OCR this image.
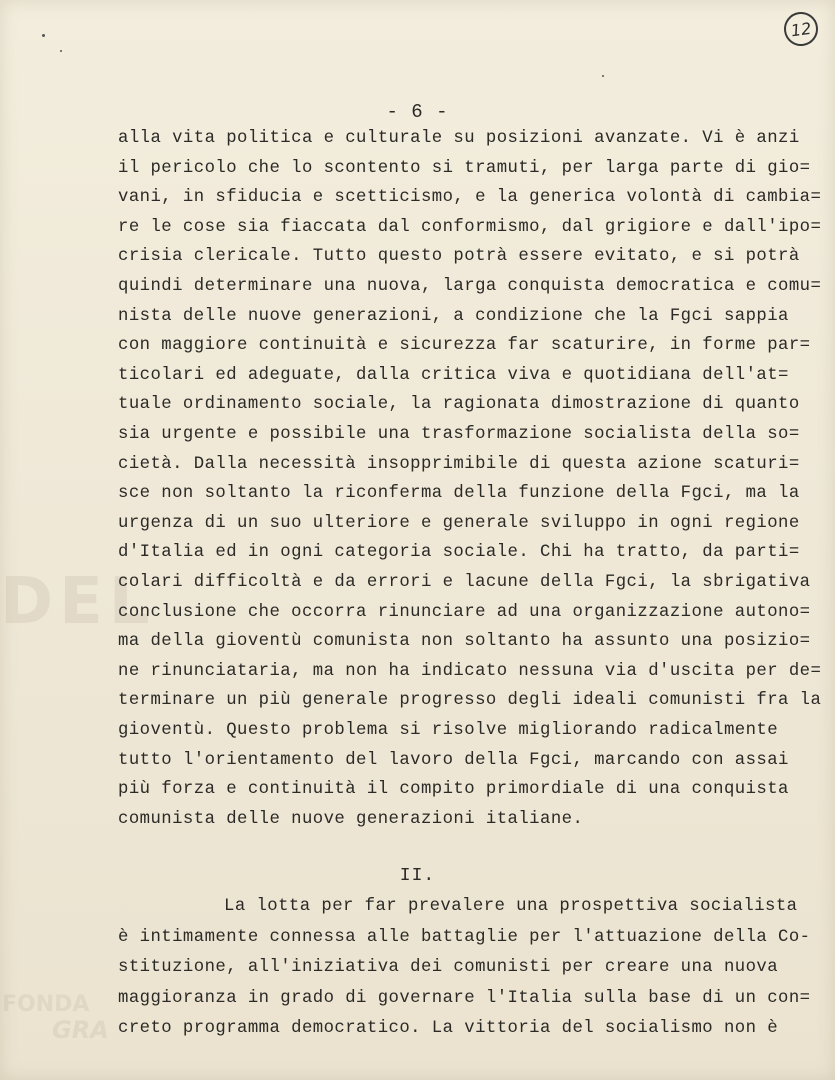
DEL
FONDA
GRA
12
- 6 -
alla vita politica e culturale su posizioni avanzate. Vi è anzi
il pericolo che lo scontento si tramuti, per larga parte di gio=
vani, in sfiducia e scetticismo, e la generica volontà di cambia=
re le cose sia fiaccata dal conformismo, dal grigiore e dall'ipo=
crisia clericale. Tutto questo potrà essere evitato, e si potrà
quindi determinare una nuova, larga conquista democratica e comu=
nista delle nuove generazioni, a condizione che la Fgci sappia
con maggiore continuità e sicurezza far scaturire, in forme par=
ticolari ed adeguate, dalla critica viva e quotidiana dell'at=
tuale ordinamento sociale, la ragionata dimostrazione di quanto
sia urgente e possibile una trasformazione socialista della so=
cietà. Dalla necessità insopprimibile di questa azione scaturi=
sce non soltanto la riconferma della funzione della Fgci, ma la
urgenza di un suo ulteriore e generale sviluppo in ogni regione
d'Italia ed in ogni categoria sociale. Chi ha tratto, da parti=
colari difficoltà e da errori e lacune della Fgci, la sbrigativa
conclusione che occorra rinunciare ad una organizzazione autono=
ma della gioventù comunista non soltanto ha assunto una posizio=
ne rinunciataria, ma non ha indicato nessuna via d'uscita per de=
terminare un più generale progresso degli ideali comunisti fra la
gioventù. Questo problema si risolve migliorando radicalmente
tutto l'orientamento del lavoro della Fgci, marcando con assai
più forza e continuità il compito primordiale di una conquista
comunista delle nuove generazioni italiane.
II.
La lotta per far prevalere una prospettiva socialista
è intimamente connessa alle battaglie per l'attuazione della Co-
stituzione, all'iniziativa dei comunisti per creare una nuova
maggioranza in grado di governare l'Italia sulla base di un con=
creto programma democratico. La vittoria del socialismo non è
